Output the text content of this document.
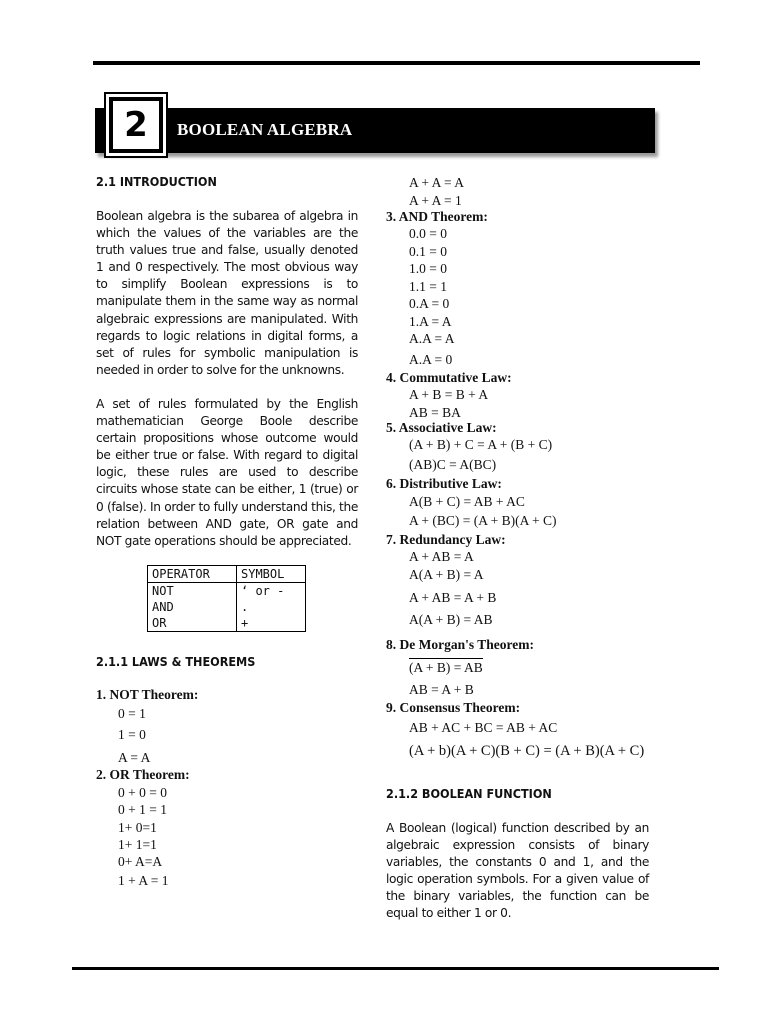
2	BOOLEAN ALGEBRA
2.1 INTRODUCTION
Boolean algebra is the subarea of algebra in which the values of the variables are the truth values true and false, usually denoted 1 and 0 respectively. The most obvious way to simplify Boolean expressions is to manipulate them in the same way as normal algebraic expressions are manipulated. With regards to logic relations in digital forms, a set of rules for symbolic manipulation is needed in order to solve for the unknowns.
A set of rules formulated by the English mathematician George Boole describe certain propositions whose outcome would be either true or false. With regard to digital logic, these rules are used to describe circuits whose state can be either, 1 (true) or 0 (false). In order to fully understand this, the relation between AND gate, OR gate and NOT gate operations should be appreciated.
OPERATOR	SYMBOL
NOT	‘ or -
AND	.
OR	+
2.1.1 LAWS & THEOREMS
1. NOT Theorem:
0 = 1
1 = 0
A = A
2. OR Theorem:
0 + 0 = 0
0 + 1 = 1
1+ 0=1
1+ 1=1
0+ A=A
1 + A = 1
A + A = A
A + A = 1
3. AND Theorem:
0.0 = 0
0.1 = 0
1.0 = 0
1.1 = 1
0.A = 0
1.A = A
A.A = A
A.A = 0
4. Commutative Law:
A + B = B + A
AB = BA
5. Associative Law:
(A + B) + C = A + (B + C)
(AB)C = A(BC)
6. Distributive Law:
A(B + C) = AB + AC
A + (BC) = (A + B)(A + C)
7. Redundancy Law:
A + AB = A
A(A + B) = A
A + AB = A + B
A(A + B) = AB
8. De Morgan's Theorem:
(A + B) = AB
AB = A + B
9. Consensus Theorem:
AB + AC + BC = AB + AC
(A + b)(A + C)(B + C) = (A + B)(A + C)
2.1.2 BOOLEAN FUNCTION
A Boolean (logical) function described by an algebraic expression consists of binary variables, the constants 0 and 1, and the logic operation symbols. For a given value of the binary variables, the function can be equal to either 1 or 0.
